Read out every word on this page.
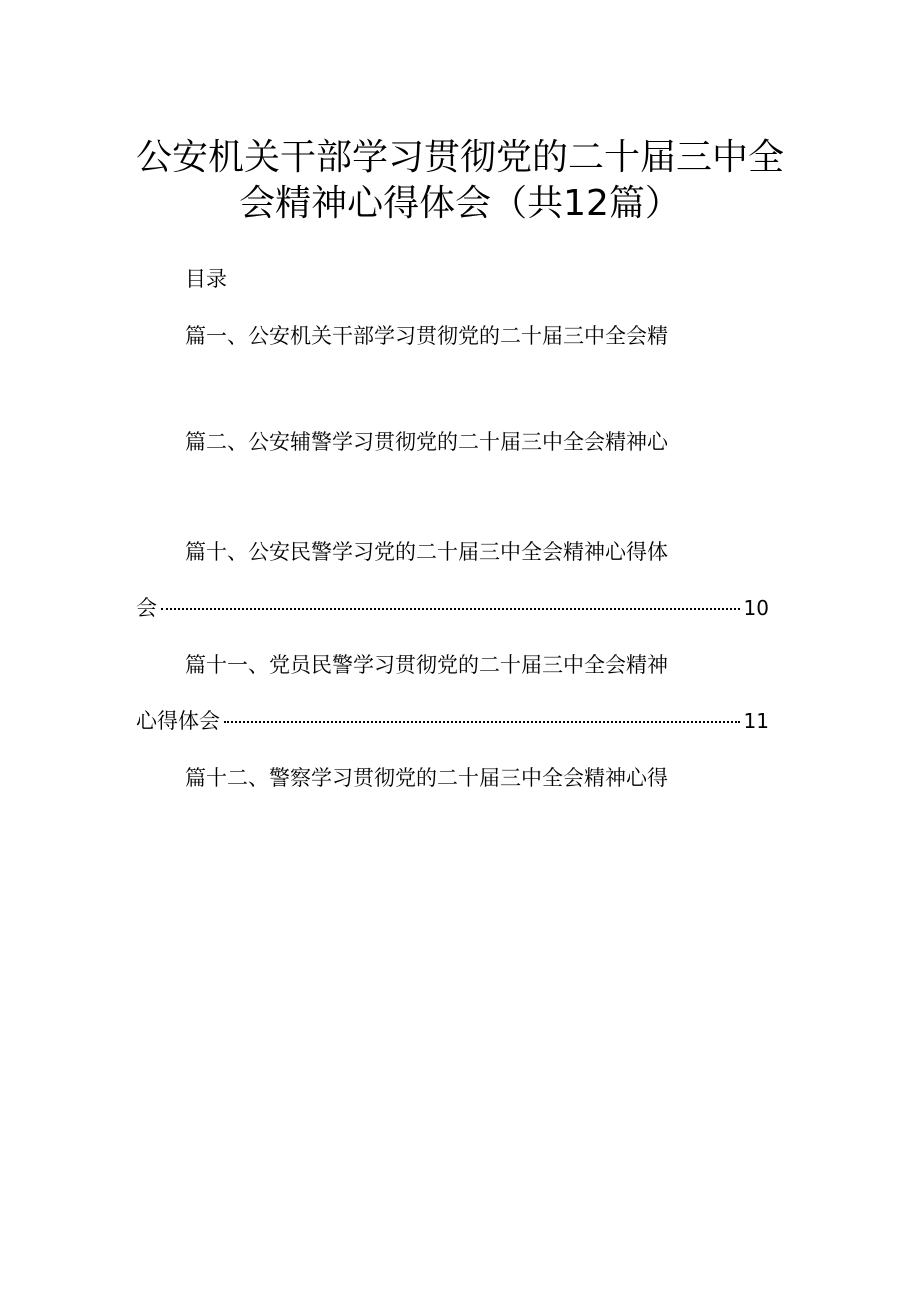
公安机关干部学习贯彻党的二十届三中全
会精神心得体会（共12篇）
目录
篇一、公安机关干部学习贯彻党的二十届三中全会精
篇二、公安辅警学习贯彻党的二十届三中全会精神心
篇十、公安民警学习党的二十届三中全会精神心得体
会	10
篇十一、党员民警学习贯彻党的二十届三中全会精神
心得体会	11
篇十二、警察学习贯彻党的二十届三中全会精神心得
